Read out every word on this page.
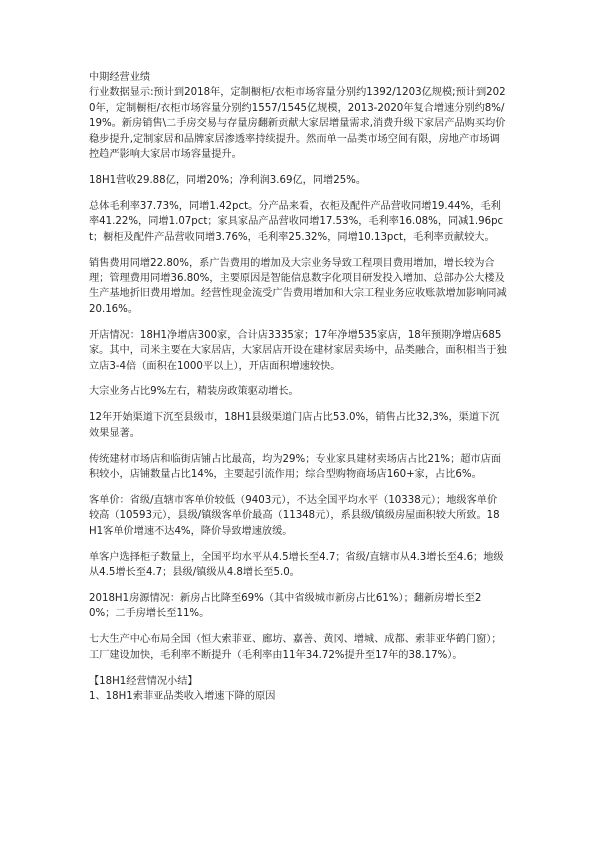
中期经营业绩

行业数据显示:预计到2018年，定制橱柜/衣柜市场容量分别约1392/1203亿规模;预计到2020年，定制橱柜/衣柜市场容量分别约1557/1545亿规模，2013-2020年复合增速分别约8%/19%。新房销售\二手房交易与存量房翻新贡献大家居增量需求,消费升级下家居产品购买均价稳步提升,定制家居和品牌家居渗透率持续提升。然而单一品类市场空间有限，房地产市场调控趋严影响大家居市场容量提升。

18H1营收29.88亿，同增20%；净利润3.69亿，同增25%。

总体毛利率37.73%，同增1.42pct。分产品来看，衣柜及配件产品营收同增19.44%，毛利率41.22%，同增1.07pct；家具家品产品营收同增17.53%，毛利率16.08%，同减1.96pct；橱柜及配件产品营收同增3.76%，毛利率25.32%，同增10.13pct，毛利率贡献较大。

销售费用同增22.80%，系广告费用的增加及大宗业务导致工程项目费用增加，增长较为合理；管理费用同增36.80%，主要原因是智能信息数字化项目研发投入增加、总部办公大楼及生产基地折旧费用增加。经营性现金流受广告费用增加和大宗工程业务应收账款增加影响同减20.16%。

开店情况：18H1净增店300家，合计店3335家；17年净增535家店，18年预期净增店685家。其中，司米主要在大家居店，大家居店开设在建材家居卖场中，品类融合，面积相当于独立店3-4倍（面积在1000平以上），开店面积增速较快。

大宗业务占比9%左右，精装房政策驱动增长。

12年开始渠道下沉至县级市，18H1县级渠道门店占比53.0%，销售占比32,3%，渠道下沉效果显著。

传统建材市场店和临街店铺占比最高，均为29%；专业家具建材卖场店占比21%；超市店面积较小，店铺数量占比14%，主要起引流作用；综合型购物商场店160+家，占比6%。

客单价：省级/直辖市客单价较低（9403元），不达全国平均水平（10338元）；地级客单价较高（10593元），县级/镇级客单价最高（11348元），系县级/镇级房屋面积较大所致。18H1客单价增速不达4%，降价导致增速放缓。

单客户选择柜子数量上，全国平均水平从4.5增长至4.7；省级/直辖市从4.3增长至4.6；地级从4.5增长至4.7；县级/镇级从4.8增长至5.0。

2018H1房源情况：新房占比降至69%（其中省级城市新房占比61%）；翻新房增长至20%；二手房增长至11%。

七大生产中心布局全国（恒大索菲亚、廊坊、嘉善、黄冈、增城、成都、索菲亚华鹤门窗）；工厂建设加快，毛利率不断提升（毛利率由11年34.72%提升至17年的38.17%）。

【18H1经营情况小结】

1、18H1索菲亚品类收入增速下降的原因
